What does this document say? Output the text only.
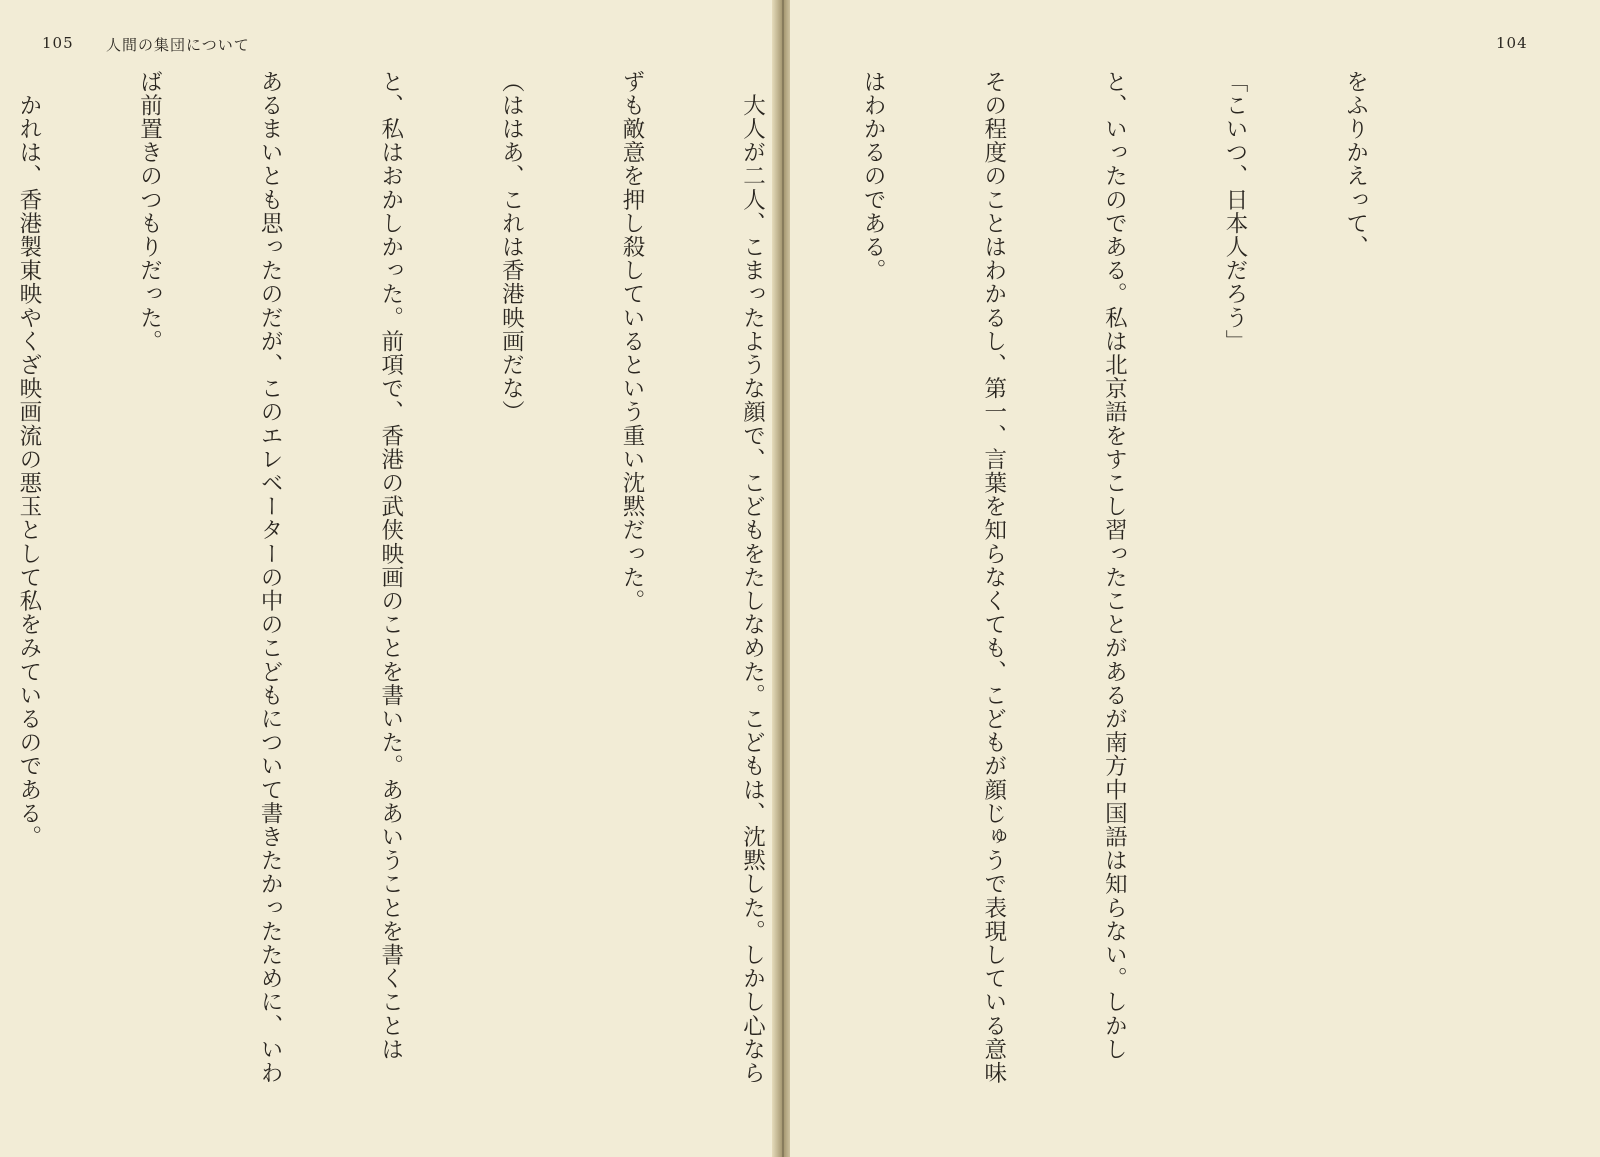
105 人間の集団について

	104

をふりかえって、

「こいつ、日本人だろう」

と、いったのである。私は北京語をすこし習ったことがあるが南方中国語は知らない。しかし

その程度のことはわかるし、第一、言葉を知らなくても、こどもが顔じゅうで表現している意味

はわかるのである。

　大人が二人、こまったような顔で、こどもをたしなめた。こどもは、沈黙した。しかし心なら

ずも敵意を押し殺しているという重い沈黙だった。

（ははあ、これは香港映画だな）

と、私はおかしかった。前項で、香港の武侠映画のことを書いた。ああいうことを書くことは

あるまいとも思ったのだが、このエレベーターの中のこどもについて書きたかったために、いわ

ば前置きのつもりだった。

　かれは、香港製東映やくざ映画流の悪玉として私をみているのである。
